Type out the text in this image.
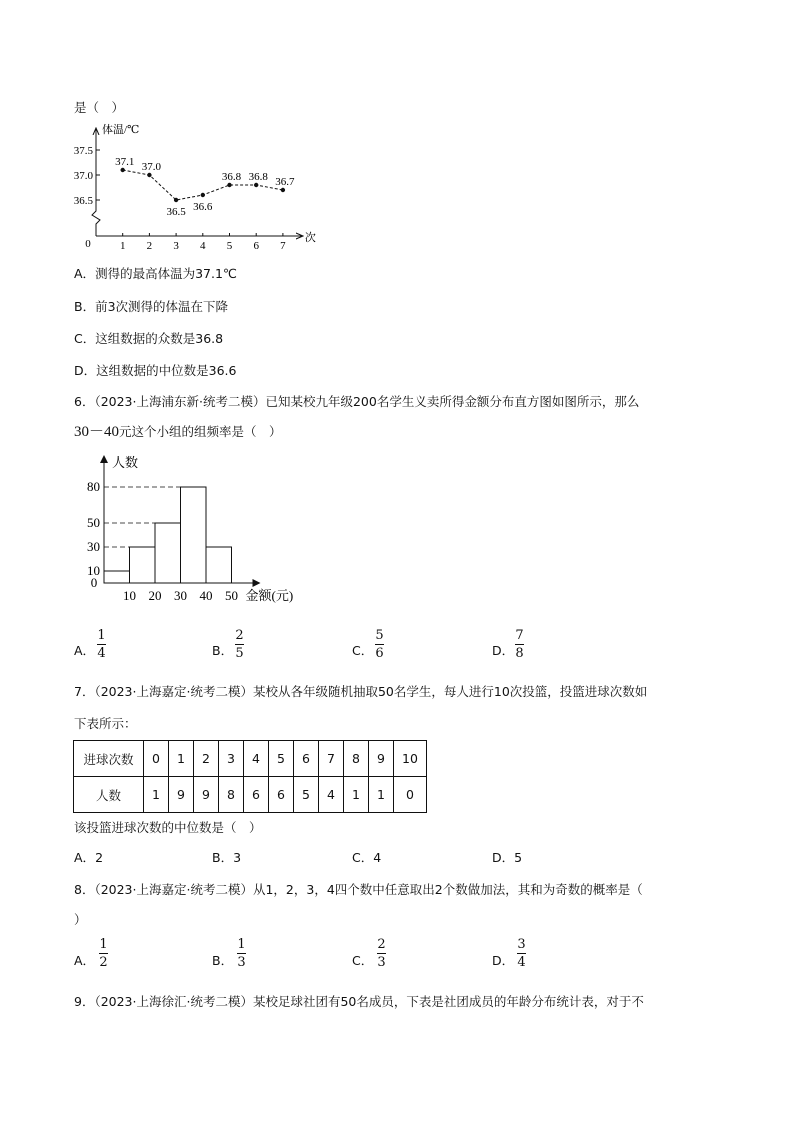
是（　）
体温/℃
次
0
36.5
37.0
37.5
1 2 3 4 5 6 7
37.1 37.0
36.5 36.6
36.8 36.8 36.7
A．测得的最高体温为37.1℃
B．前3次测得的体温在下降
C．这组数据的众数是36.8
D．这组数据的中位数是36.6
6．（2023·上海浦东新·统考二模）已知某校九年级200名学生义卖所得金额分布直方图如图所示，那么
30－40元这个小组的组频率是（　）
人数
金额(元)
0
10
30
50
80
10 20 30 40 50
A．
1
4	B．
2
5	C．
5
6	D．
7
8
7．（2023·上海嘉定·统考二模）某校从各年级随机抽取50名学生，每人进行10次投篮，投篮进球次数如
下表所示：
进球次数	0	1	2	3	4	5	6	7	8	9	10
人数	1	9	9	8	6	6	5	4	1	1	0
该投篮进球次数的中位数是（　）
A．2	B．3	C．4	D．5
8．（2023·上海嘉定·统考二模）从1，2，3，4四个数中任意取出2个数做加法，其和为奇数的概率是（
）
A．
1
2	B．
1
3	C．
2
3	D．
3
4
9．（2023·上海徐汇·统考二模）某校足球社团有50名成员，下表是社团成员的年龄分布统计表，对于不
